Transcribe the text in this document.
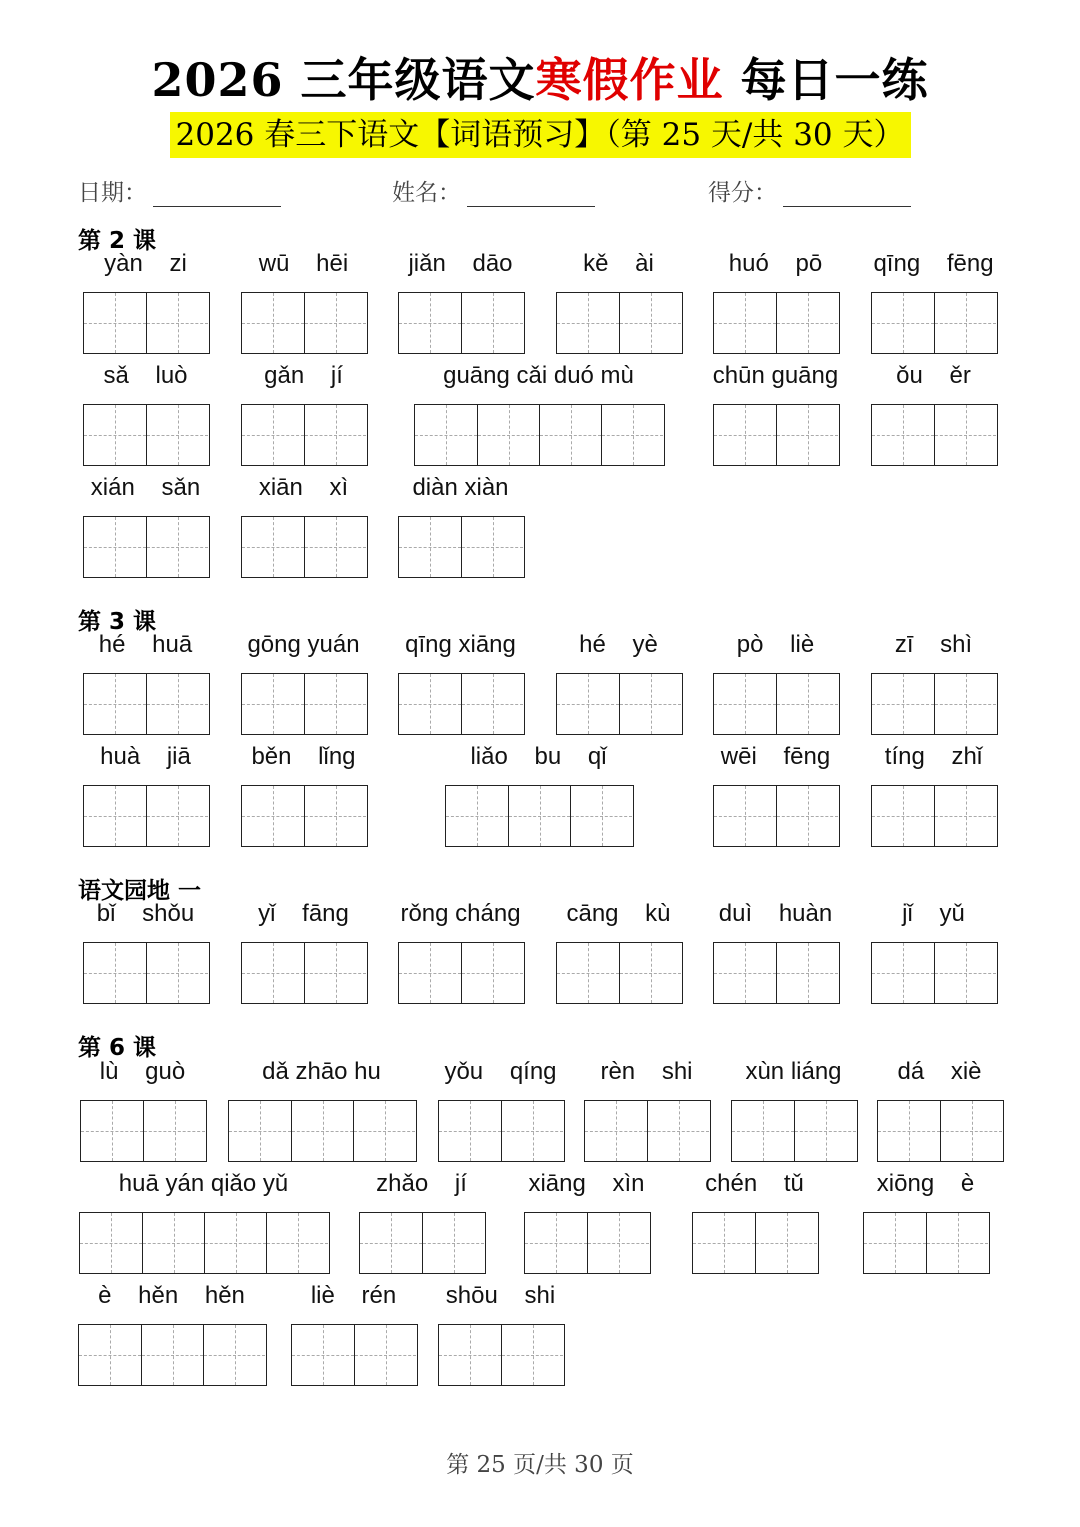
2026 三年级语文寒假作业 每日一练
2026 春三下语文【词语预习】（第 25 天/共 30 天）
日期：	姓名：	得分：
第 2 课
第 3 课
语文园地 一
第 6 课
yàn    zi	wū    hēi	jiǎn    dāo	kě    ài	huó    pō	qīng    fēng
sǎ    luò	gǎn    jí	guāng cǎi duó mù	chūn guāng	ǒu    ěr
xián    sǎn	xiān    xì	diàn xiàn
hé    huā	gōng yuán	qīng xiāng	hé    yè	pò    liè	zī    shì
huà    jiā	běn    lǐng	liǎo    bu    qǐ	wēi    fēng	tíng    zhǐ
bǐ    shǒu	yǐ    fāng	rǒng cháng	cāng    kù	duì    huàn	jǐ    yǔ
lù    guò	dǎ zhāo hu	yǒu    qíng	rèn    shi	xùn liáng	dá    xiè
huā yán qiǎo yǔ	zhǎo    jí	xiāng    xìn	chén    tǔ	xiōng    è
è    hěn    hěn	liè    rén	shōu    shi
第 25 页/共 30 页
